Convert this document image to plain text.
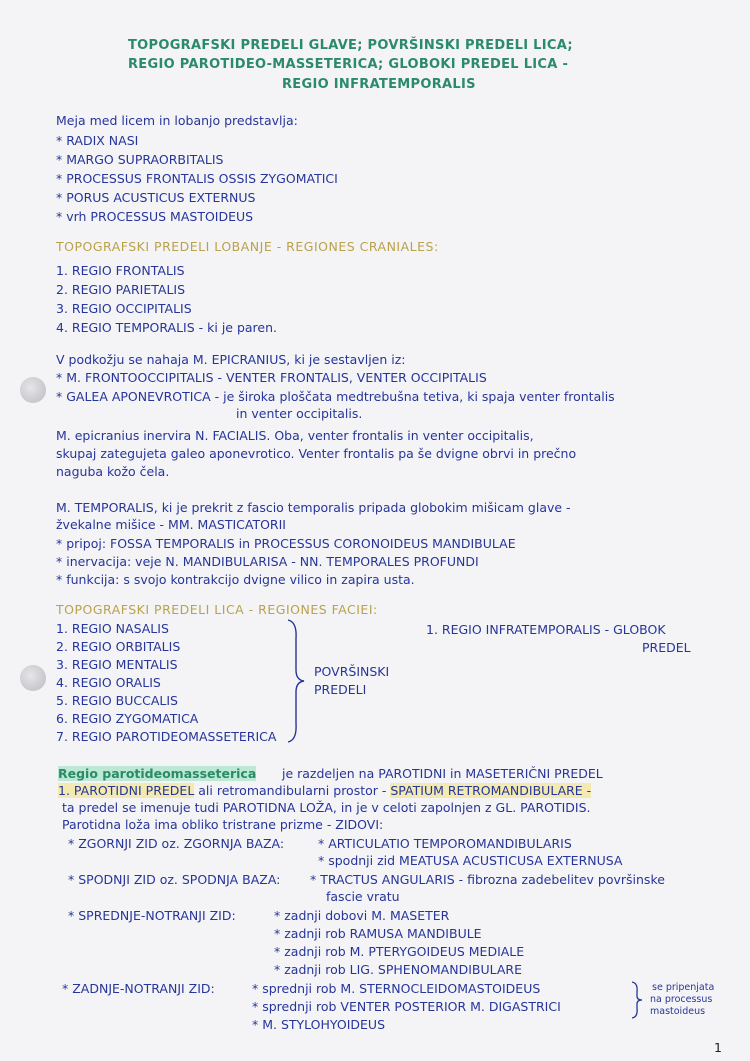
TOPOGRAFSKI PREDELI GLAVE; POVRŠINSKI PREDELI LICA;
REGIO PAROTIDEO-MASSETERICA; GLOBOKI PREDEL LICA -
REGIO INFRATEMPORALIS
Meja med licem in lobanjo predstavlja:
* RADIX NASI
* MARGO SUPRAORBITALIS
* PROCESSUS FRONTALIS OSSIS ZYGOMATICI
* PORUS ACUSTICUS EXTERNUS
* vrh PROCESSUS MASTOIDEUS
TOPOGRAFSKI PREDELI LOBANJE - REGIONES CRANIALES:
1. REGIO FRONTALIS
2. REGIO PARIETALIS
3. REGIO OCCIPITALIS
4. REGIO TEMPORALIS - ki je paren.
V podkožju se nahaja M. EPICRANIUS, ki je sestavljen iz:
* M. FRONTOOCCIPITALIS - VENTER FRONTALIS, VENTER OCCIPITALIS
* GALEA APONEVROTICA - je široka ploščata medtrebušna tetiva, ki spaja venter frontalis
in venter occipitalis.
M. epicranius inervira N. FACIALIS. Oba, venter frontalis in venter occipitalis,
skupaj zategujeta galeo aponevrotico. Venter frontalis pa še dvigne obrvi in prečno
naguba kožo čela.
M. TEMPORALIS, ki je prekrit z fascio temporalis pripada globokim mišicam glave -
žvekalne mišice - MM. MASTICATORII
* pripoj: FOSSA TEMPORALIS in PROCESSUS CORONOIDEUS MANDIBULAE
* inervacija: veje N. MANDIBULARISA - NN. TEMPORALES PROFUNDI
* funkcija: s svojo kontrakcijo dvigne vilico in zapira usta.
TOPOGRAFSKI PREDELI LICA - REGIONES FACIEI:
1. REGIO NASALIS
2. REGIO ORBITALIS
3. REGIO MENTALIS
4. REGIO ORALIS
5. REGIO BUCCALIS
6. REGIO ZYGOMATICA
7. REGIO PAROTIDEOMASSETERICA
POVRŠINSKI
PREDELI
1. REGIO INFRATEMPORALIS - GLOBOK
PREDEL
Regio parotideomasseterica je razdeljen na PAROTIDNI in MASETERIČNI PREDEL
1. PAROTIDNI PREDEL ali retromandibularni prostor - SPATIUM RETROMANDIBULARE -
ta predel se imenuje tudi PAROTIDNA LOŽA, in je v celoti zapolnjen z GL. PAROTIDIS.
Parotidna loža ima obliko tristrane prizme - ZIDOVI:
* ZGORNJI ZID oz. ZGORNJA BAZA:	* ARTICULATIO TEMPOROMANDIBULARIS
* spodnji zid MEATUSA ACUSTICUSA EXTERNUSA
* SPODNJI ZID oz. SPODNJA BAZA: * TRACTUS ANGULARIS - fibrozna zadebelitev površinske
fascie vratu
* SPREDNJE-NOTRANJI ZID:	* zadnji dobovi M. MASETER
* zadnji rob RAMUSA MANDIBULE
* zadnji rob M. PTERYGOIDEUS MEDIALE
* zadnji rob LIG. SPHENOMANDIBULARE
* ZADNJE-NOTRANJI ZID:	* sprednji rob M. STERNOCLEIDOMASTOIDEUS
* sprednji rob VENTER POSTERIOR M. DIGASTRICI
* M. STYLOHYOIDEUS
se pripenjata
na processus
mastoideus
1
